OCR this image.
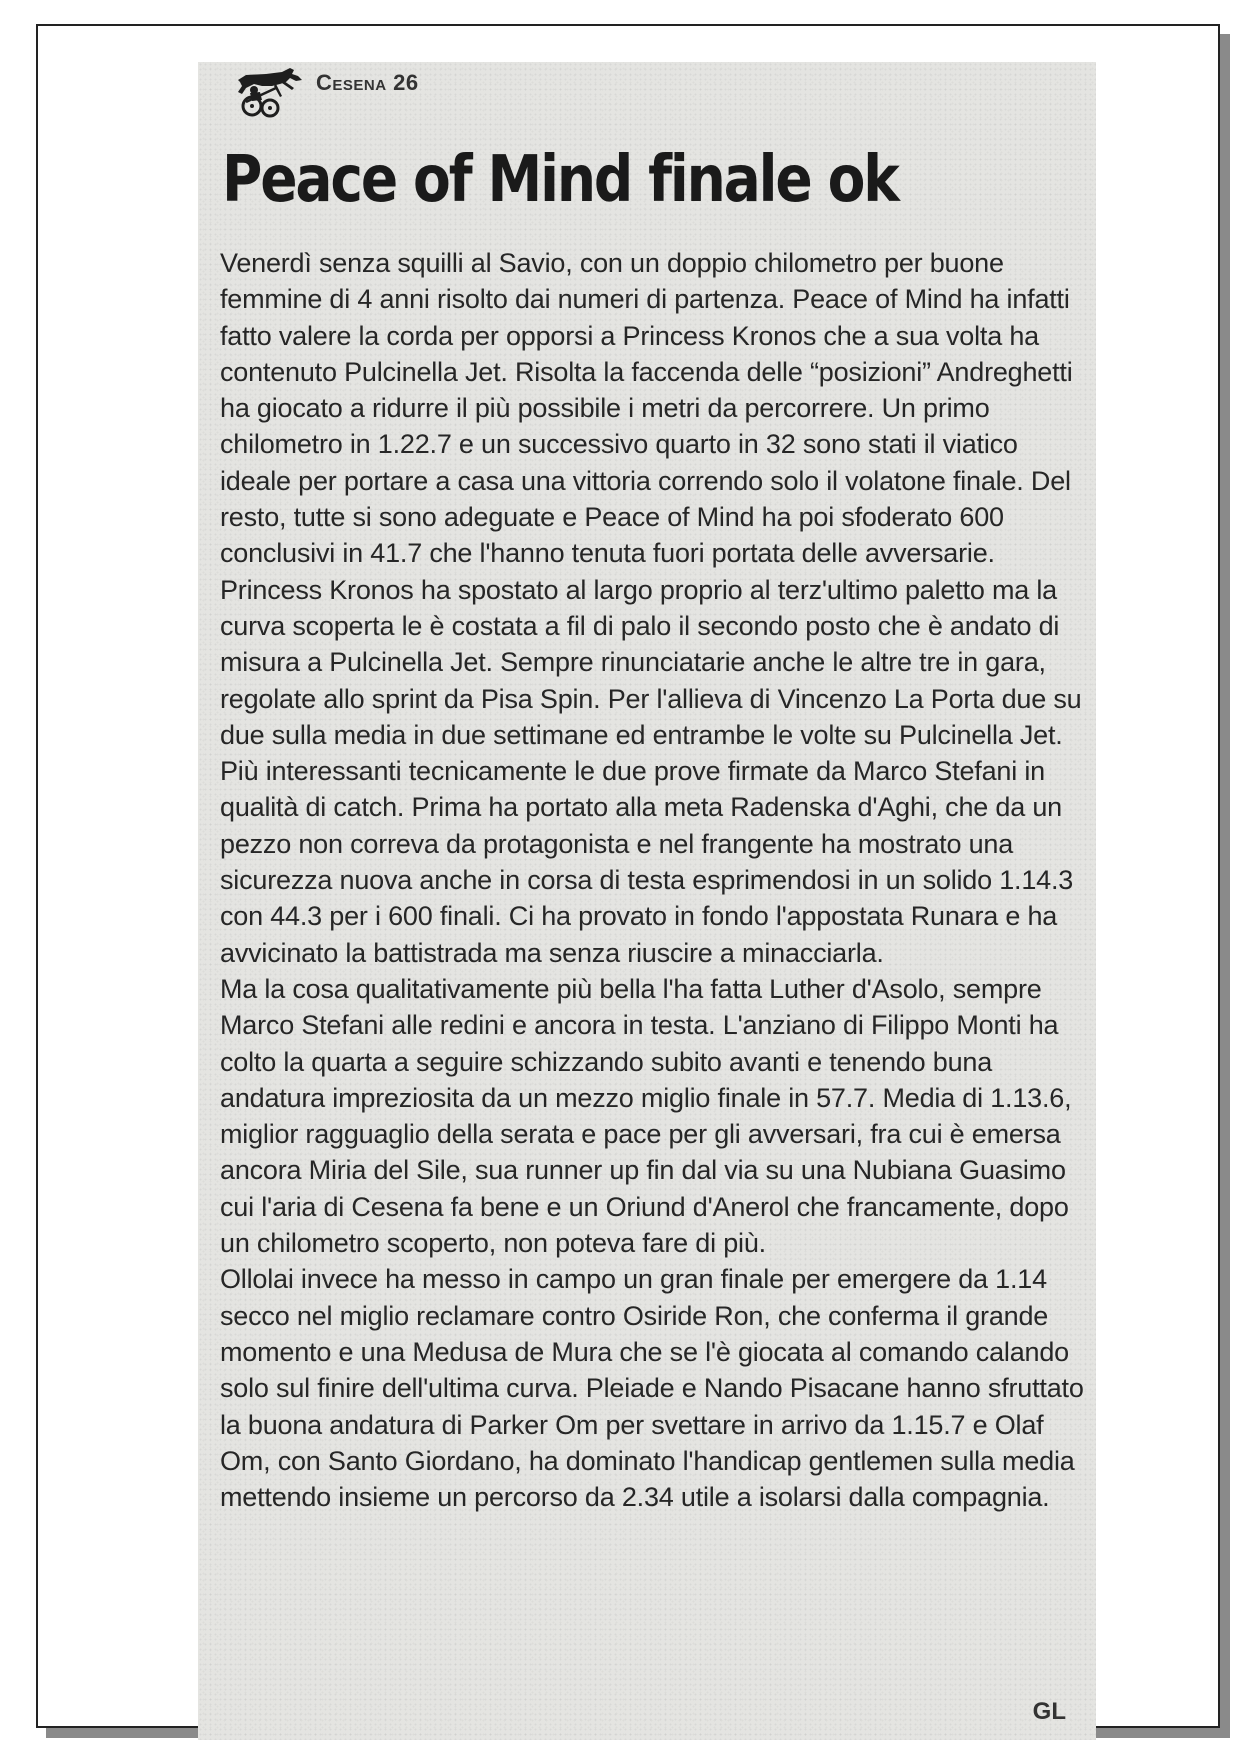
Cesena 26
Peace of Mind finale ok

Venerdì senza squilli al Savio, con un doppio chilometro per buone femmine di 4 anni risolto dai numeri di partenza. Peace of Mind ha infatti fatto valere la corda per opporsi a Princess Kronos che a sua volta ha contenuto Pulcinella Jet. Risolta la faccenda delle “posizioni” Andreghetti ha giocato a ridurre il più possibile i metri da percorrere. Un primo chilometro in 1.22.7 e un successivo quarto in 32 sono stati il viatico ideale per portare a casa una vittoria correndo solo il volatone finale. Del resto, tutte si sono adeguate e Peace of Mind ha poi sfoderato 600 conclusivi in 41.7 che l'hanno tenuta fuori portata delle avversarie. Princess Kronos ha spostato al largo proprio al terz'ultimo paletto ma la curva scoperta le è costata a fil di palo il secondo posto che è andato di misura a Pulcinella Jet. Sempre rinunciatarie anche le altre tre in gara, regolate allo sprint da Pisa Spin. Per l'allieva di Vincenzo La Porta due su due sulla media in due settimane ed entrambe le volte su Pulcinella Jet.

Più interessanti tecnicamente le due prove firmate da Marco Stefani in qualità di catch. Prima ha portato alla meta Radenska d'Aghi, che da un pezzo non correva da protagonista e nel frangente ha mostrato una sicurezza nuova anche in corsa di testa esprimendosi in un solido 1.14.3 con 44.3 per i 600 finali. Ci ha provato in fondo l'appostata Runara e ha avvicinato la battistrada ma senza riuscire a minacciarla.

Ma la cosa qualitativamente più bella l'ha fatta Luther d'Asolo, sempre Marco Stefani alle redini e ancora in testa. L'anziano di Filippo Monti ha colto la quarta a seguire schizzando subito avanti e tenendo buna andatura impreziosita da un mezzo miglio finale in 57.7. Media di 1.13.6, miglior ragguaglio della serata e pace per gli avversari, fra cui è emersa ancora Miria del Sile, sua runner up fin dal via su una Nubiana Guasimo cui l'aria di Cesena fa bene e un Oriund d'Anerol che francamente, dopo un chilometro scoperto, non poteva fare di più.

Ollolai invece ha messo in campo un gran finale per emergere da 1.14 secco nel miglio reclamare contro Osiride Ron, che conferma il grande momento e una Medusa de Mura che se l'è giocata al comando calando solo sul finire dell'ultima curva. Pleiade e Nando Pisacane hanno sfruttato la buona andatura di Parker Om per svettare in arrivo da 1.15.7 e Olaf Om, con Santo Giordano, ha dominato l'handicap gentlemen sulla media mettendo insieme un percorso da 2.34 utile a isolarsi dalla compagnia.

GL
